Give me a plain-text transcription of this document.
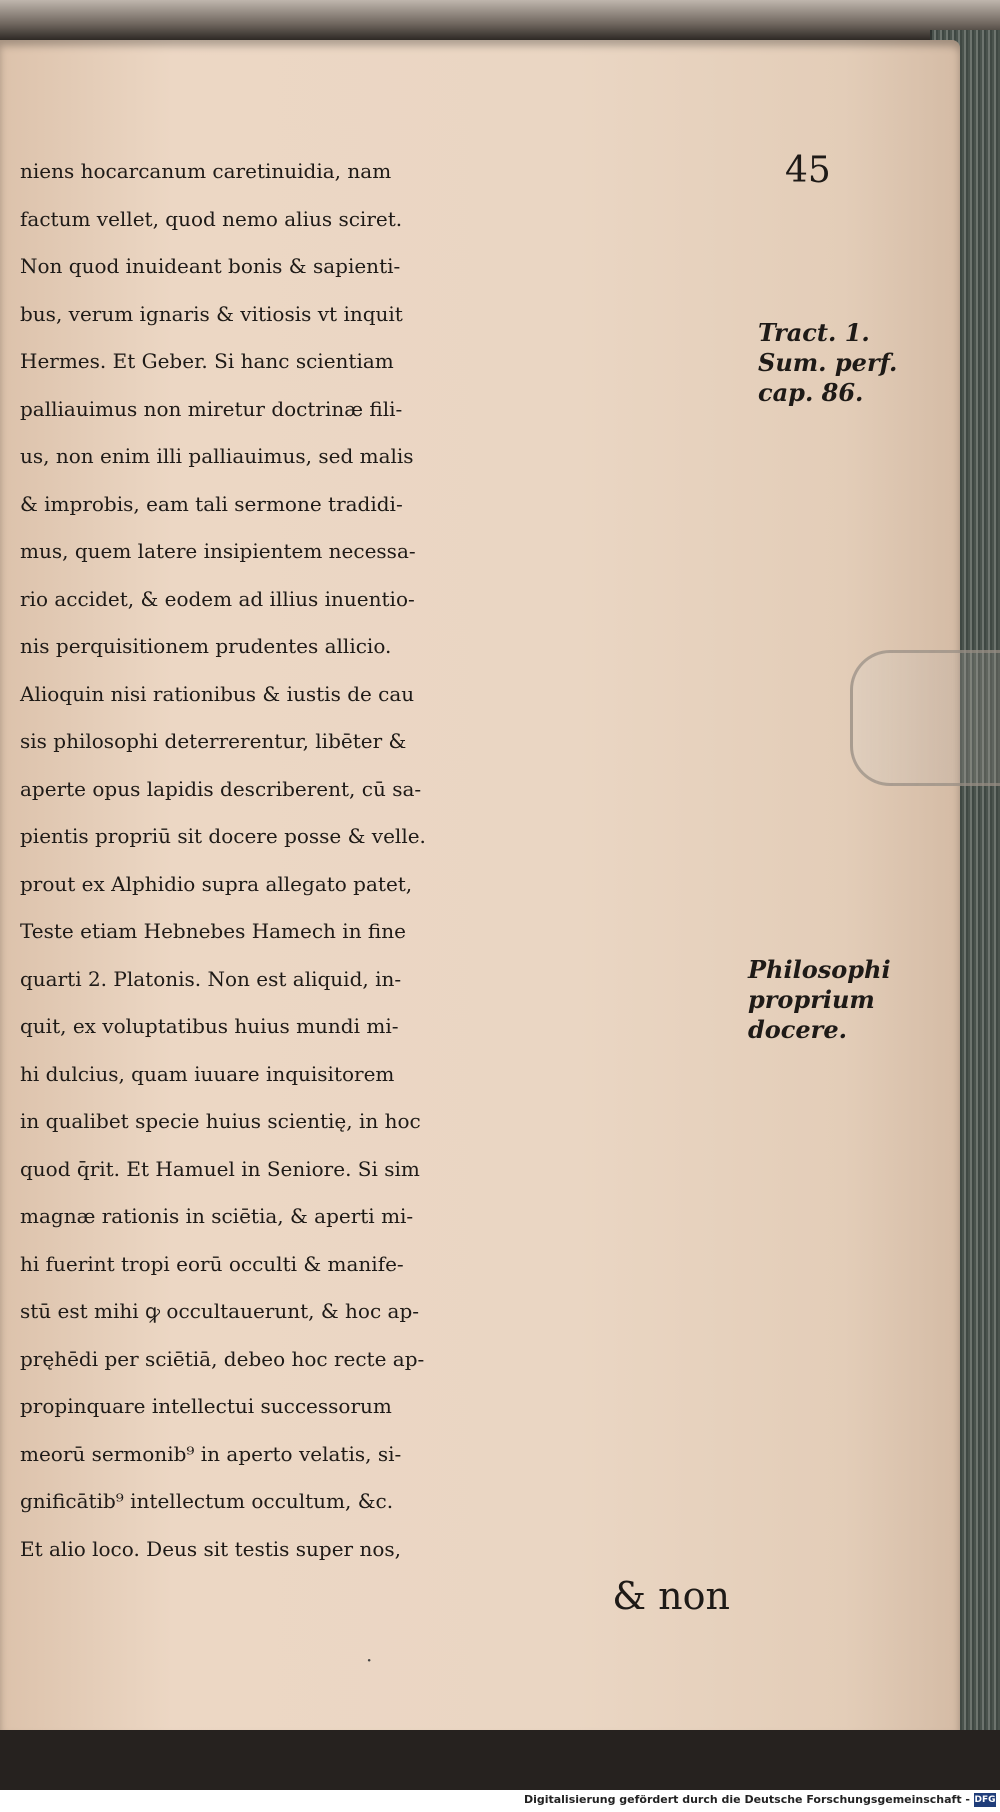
45
niens hocarcanum caretinuidia, nam
factum vellet, quod nemo alius sciret.
Non quod inuideant bonis & sapienti-
bus, verum ignaris & vitiosis vt inquit
Hermes. Et Geber. Si hanc scientiam
palliauimus non miretur doctrinæ fili-
us, non enim illi palliauimus, sed malis
& improbis, eam tali sermone tradidi-
mus, quem latere insipientem necessa-
rio accidet, & eodem ad illius inuentio-
nis perquisitionem prudentes allicio.
Alioquin nisi rationibus & iustis de cau
sis philosophi deterrerentur, libēter &
aperte opus lapidis describerent, cū sa-
pientis propriū sit docere posse & velle.
prout ex Alphidio supra allegato patet,
Teste etiam Hebnebes Hamech in fine
quarti 2. Platonis. Non est aliquid, in-
quit, ex voluptatibus huius mundi mi-
hi dulcius, quam iuuare inquisitorem
in qualibet specie huius scientię, in hoc
quod q̄rit. Et Hamuel in Seniore. Si sim
magnæ rationis in sciētia, & aperti mi-
hi fuerint tropi eorū occulti & manife-
stū est mihi ꝙ occultauerunt, & hoc ap-
pręhēdi per sciētiā, debeo hoc recte ap-
propinquare intellectui successorum
meorū sermonib⁹ in aperto velatis, si-
gnificātib⁹ intellectum occultum, &c.
Et alio loco. Deus sit testis super nos,
& non
Tract. 1.
Sum. perf.
cap. 86.
Philosophi
proprium
docere.
·
Digitalisierung gefördert durch die Deutsche Forschungsgemeinschaft - DFG
